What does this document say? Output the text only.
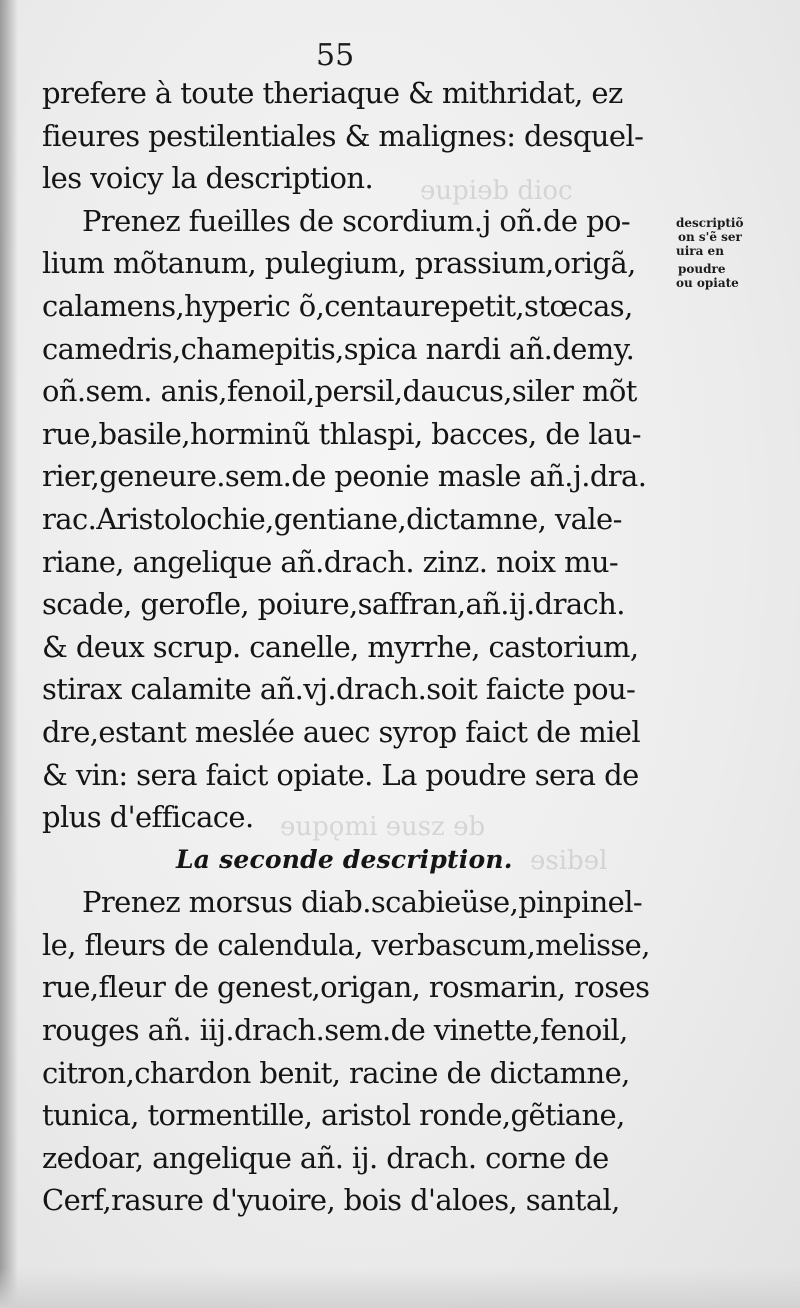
ɘupiɘb dioc
ɘupǫmi ɘusz ɘb
ɘsibɘl
55
prefere à toute theriaque & mithridat, ez
fieures pestilentiales & malignes: desquel-
les voicy la description.
Prenez fueilles de scordium.j oñ.de po-
lium mõtanum, pulegium, prassium,origã,
calamens,hyperic õ,centaurepetit,stœcas,
camedris,chamepitis,spica nardi añ.demy.
oñ.sem. anis,fenoil,persil,daucus,siler mõt
rue,basile,horminũ thlaspi, bacces, de lau-
rier,geneure.sem.de peonie masle añ.j.dra.
rac.Aristolochie,gentiane,dictamne, vale-
riane, angelique añ.drach. zinz. noix mu-
scade, gerofle, poiure,saffran,añ.ij.drach.
& deux scrup. canelle, myrrhe, castorium,
stirax calamite añ.vj.drach.soit faicte pou-
dre,estant meslée auec syrop faict de miel
& vin: sera faict opiate. La poudre sera de
plus d'efficace.
La seconde description.
Prenez morsus diab.scabieüse,pinpinel-
le, fleurs de calendula, verbascum,melisse,
rue,fleur de genest,origan, rosmarin, roses
rouges añ. iij.drach.sem.de vinette,fenoil,
citron,chardon benit, racine de dictamne,
tunica, tormentille, aristol ronde,gẽtiane,
zedoar, angelique añ. ij. drach. corne de
Cerf,rasure d'yuoire, bois d'aloes, santal,
descriptiõ
on s'ẽ ser
uira en
poudre
ou opiate
